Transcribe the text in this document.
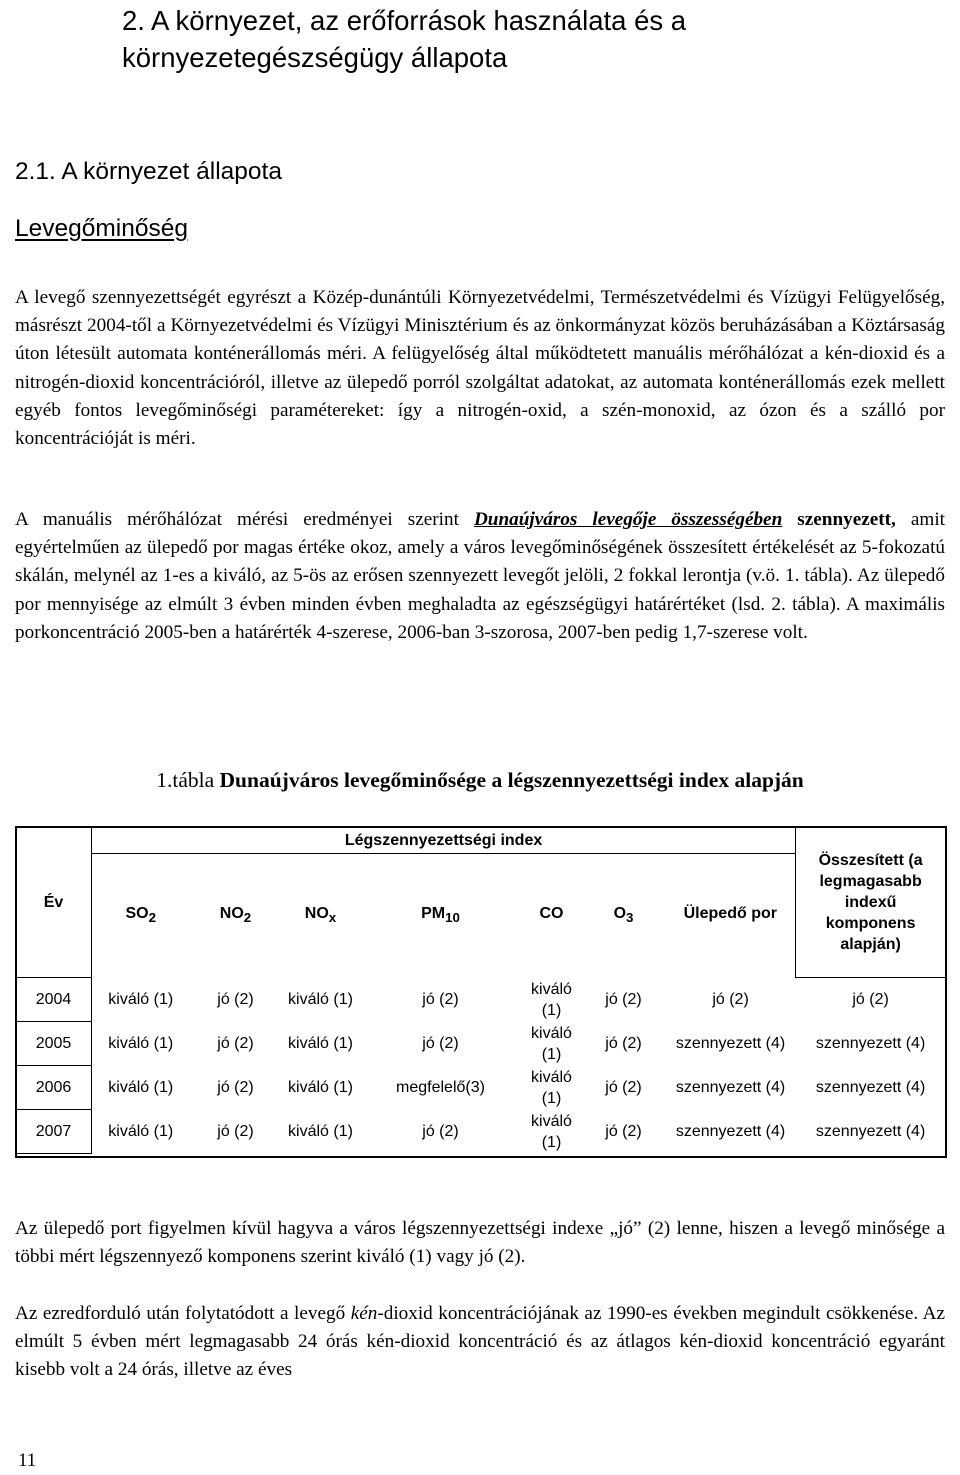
2. A környezet, az erőforrások használata és a
környezetegészségügy állapota
2.1. A környezet állapota
Levegőminőség
A levegő szennyezettségét egyrészt a Közép-dunántúli Környezetvédelmi, Természetvédelmi és Vízügyi Felügyelőség, másrészt 2004-től a Környezetvédelmi és Vízügyi Minisztérium és az önkormányzat közös beruházásában a Köztársaság úton létesült automata konténerállomás méri. A felügyelőség által működtetett manuális mérőhálózat a kén-dioxid és a nitrogén-dioxid koncentrációról, illetve az ülepedő porról szolgáltat adatokat, az automata konténerállomás ezek mellett egyéb fontos levegőminőségi paramétereket: így a nitrogén-oxid, a szén-monoxid, az ózon és a szálló por koncentrációját is méri.
A manuális mérőhálózat mérési eredményei szerint Dunaújváros levegője összességében szennyezett, amit egyértelműen az ülepedő por magas értéke okoz, amely a város levegőminőségének összesített értékelését az 5-fokozatú skálán, melynél az 1-es a kiváló, az 5-ös az erősen szennyezett levegőt jelöli, 2 fokkal lerontja (v.ö. 1. tábla). Az ülepedő por mennyisége az elmúlt 3 évben minden évben meghaladta az egészségügyi határértéket (lsd. 2. tábla). A maximális porkoncentráció 2005-ben a határérték 4-szerese, 2006-ban 3-szorosa, 2007-ben pedig 1,7-szerese volt.
1.tábla Dunaújváros levegőminősége a légszennyezettségi index alapján
Év	Légszennyezettségi index							Összesített (a legmagasabb indexű komponens alapján)
	$SO_2$	$NO_2$	$NO_x$	$PM_{10}$	CO	$O_3$	Ülepedő por	
2004	kiváló (1)	jó (2)	kiváló (1)	jó (2)	kiváló (1)	jó (2)	jó (2)	jó (2)
2005	kiváló (1)	jó (2)	kiváló (1)	jó (2)	kiváló (1)	jó (2)	szennyezett (4)	szennyezett (4)
2006	kiváló (1)	jó (2)	kiváló (1)	megfelelő(3)	kiváló (1)	jó (2)	szennyezett (4)	szennyezett (4)
2007	kiváló (1)	jó (2)	kiváló (1)	jó (2)	kiváló (1)	jó (2)	szennyezett (4)	szennyezett (4)
Az ülepedő port figyelmen kívül hagyva a város légszennyezettségi indexe „jó” (2) lenne, hiszen a levegő minősége a többi mért légszennyező komponens szerint kiváló (1) vagy jó (2).
Az ezredforduló után folytatódott a levegő kén-dioxid koncentrációjának az 1990-es években megindult csökkenése. Az elmúlt 5 évben mért legmagasabb 24 órás kén-dioxid koncentráció és az átlagos kén-dioxid koncentráció egyaránt kisebb volt a 24 órás, illetve az éves
11
